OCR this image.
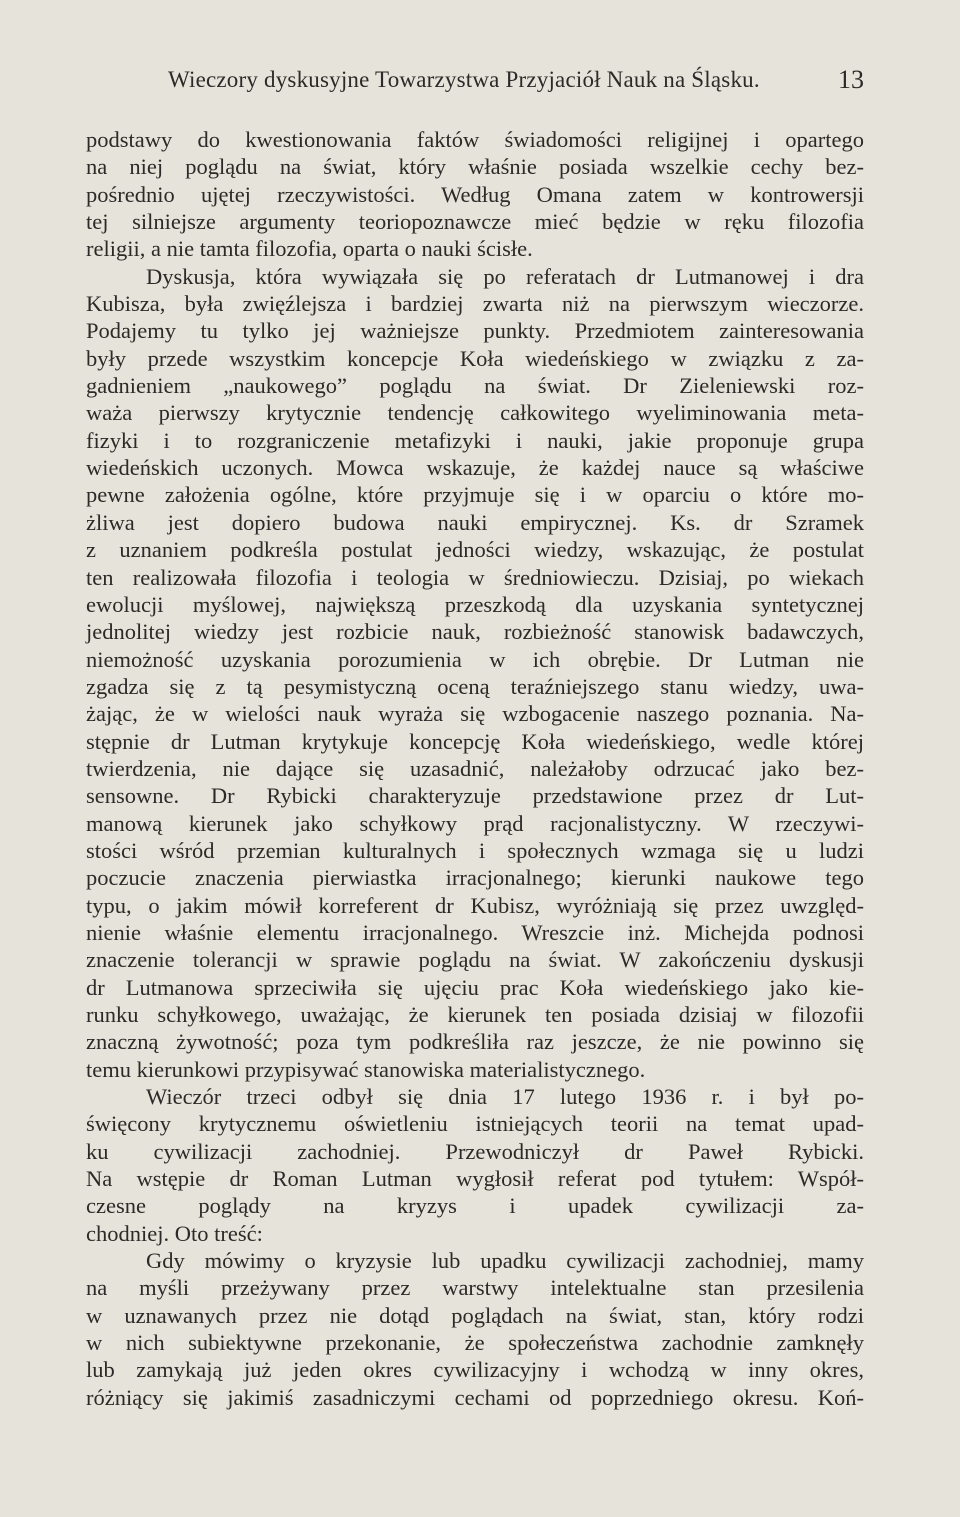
Wieczory dyskusyjne Towarzystwa Przyjaciół Nauk na Śląsku.	13
podstawy do kwestionowania faktów świadomości religijnej i opartego
na niej poglądu na świat, który właśnie posiada wszelkie cechy bez-
pośrednio ujętej rzeczywistości. Według Omana zatem w kontrowersji
tej silniejsze argumenty teoriopoznawcze mieć będzie w ręku filozofia
religii, a nie tamta filozofia, oparta o nauki ścisłe.
Dyskusja, która wywiązała się po referatach dr Lutmanowej i dra
Kubisza, była zwięźlejsza i bardziej zwarta niż na pierwszym wieczorze.
Podajemy tu tylko jej ważniejsze punkty. Przedmiotem zainteresowania
były przede wszystkim koncepcje Koła wiedeńskiego w związku z za-
gadnieniem „naukowego” poglądu na świat. Dr Zieleniewski roz-
waża pierwszy krytycznie tendencję całkowitego wyeliminowania meta-
fizyki i to rozgraniczenie metafizyki i nauki, jakie proponuje grupa
wiedeńskich uczonych. Mowca wskazuje, że każdej nauce są właściwe
pewne założenia ogólne, które przyjmuje się i w oparciu o które mo-
żliwa jest dopiero budowa nauki empirycznej. Ks. dr Szramek
z uznaniem podkreśla postulat jedności wiedzy, wskazując, że postulat
ten realizowała filozofia i teologia w średniowieczu. Dzisiaj, po wiekach
ewolucji myślowej, największą przeszkodą dla uzyskania syntetycznej
jednolitej wiedzy jest rozbicie nauk, rozbieżność stanowisk badawczych,
niemożność uzyskania porozumienia w ich obrębie. Dr Lutman nie
zgadza się z tą pesymistyczną oceną teraźniejszego stanu wiedzy, uwa-
żając, że w wielości nauk wyraża się wzbogacenie naszego poznania. Na-
stępnie dr Lutman krytykuje koncepcję Koła wiedeńskiego, wedle której
twierdzenia, nie dające się uzasadnić, należałoby odrzucać jako bez-
sensowne. Dr Rybicki charakteryzuje przedstawione przez dr Lut-
manową kierunek jako schyłkowy prąd racjonalistyczny. W rzeczywi-
stości wśród przemian kulturalnych i społecznych wzmaga się u ludzi
poczucie znaczenia pierwiastka irracjonalnego; kierunki naukowe tego
typu, o jakim mówił korreferent dr Kubisz, wyróżniają się przez uwzględ-
nienie właśnie elementu irracjonalnego. Wreszcie inż. Michejda podnosi
znaczenie tolerancji w sprawie poglądu na świat. W zakończeniu dyskusji
dr Lutmanowa sprzeciwiła się ujęciu prac Koła wiedeńskiego jako kie-
runku schyłkowego, uważając, że kierunek ten posiada dzisiaj w filozofii
znaczną żywotność; poza tym podkreśliła raz jeszcze, że nie powinno się
temu kierunkowi przypisywać stanowiska materialistycznego.
Wieczór trzeci odbył się dnia 17 lutego 1936 r. i był po-
święcony krytycznemu oświetleniu istniejących teorii na temat upad-
ku cywilizacji zachodniej. Przewodniczył dr Paweł Rybicki.
Na wstępie dr Roman Lutman wygłosił referat pod tytułem: Współ-
czesne poglądy na kryzys i upadek cywilizacji za-
chodniej. Oto treść:
Gdy mówimy o kryzysie lub upadku cywilizacji zachodniej, mamy
na myśli przeżywany przez warstwy intelektualne stan przesilenia
w uznawanych przez nie dotąd poglądach na świat, stan, który rodzi
w nich subiektywne przekonanie, że społeczeństwa zachodnie zamknęły
lub zamykają już jeden okres cywilizacyjny i wchodzą w inny okres,
różniący się jakimiś zasadniczymi cechami od poprzedniego okresu. Koń-
